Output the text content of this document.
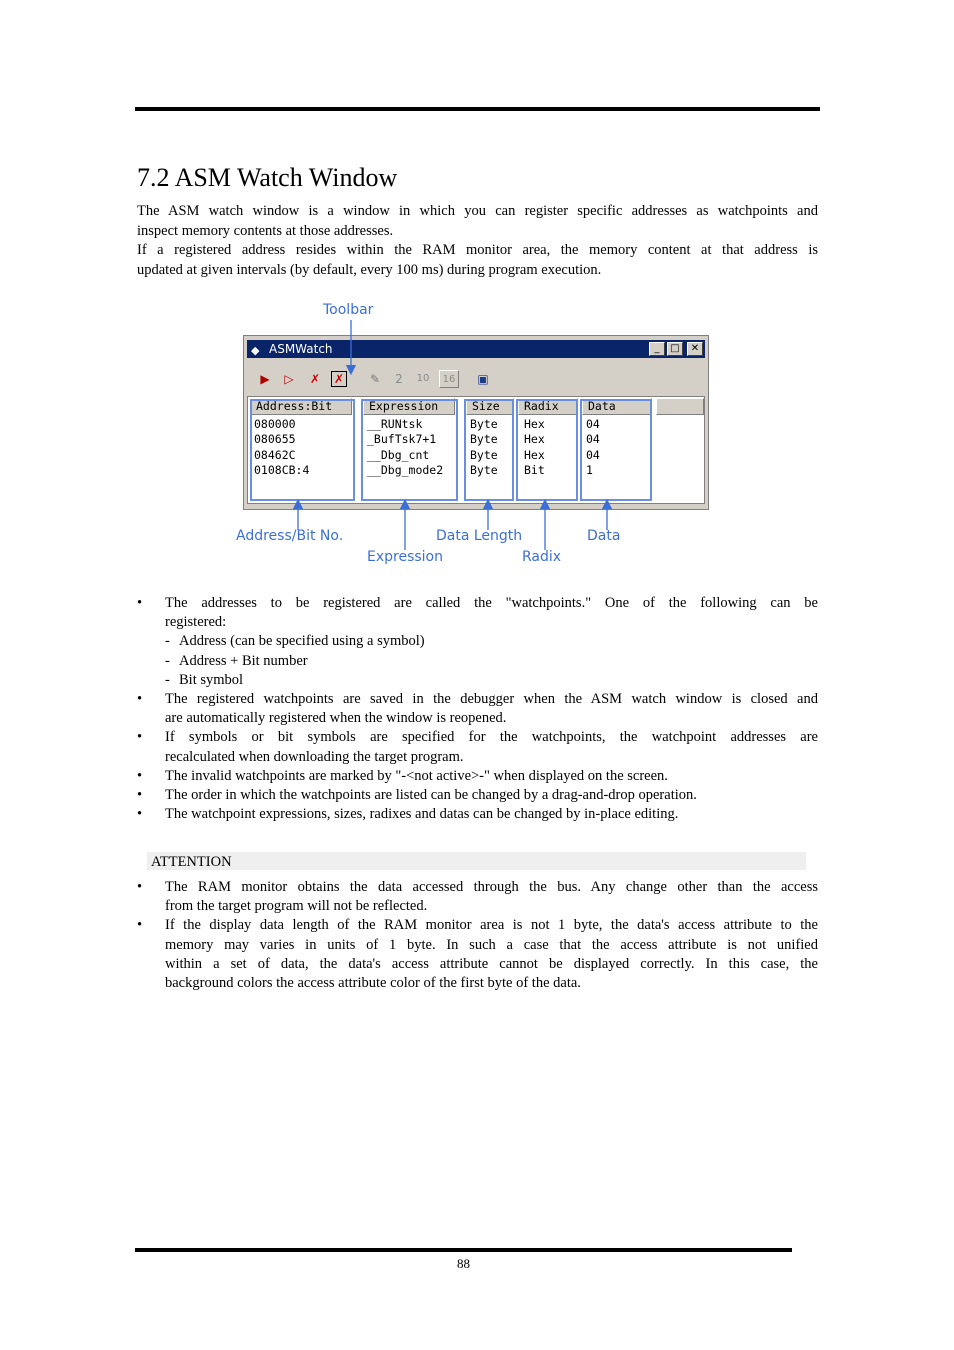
7.2 ASM Watch Window
The ASM watch window is a window in which you can register specific addresses as watchpoints and
inspect memory contents at those addresses.
If a registered address resides within the RAM monitor area, the memory content at that address is
updated at given intervals (by default, every 100 ms) during program execution.
Toolbar
◆ ASMWatch	_	□	✕
▶	▷	✗	✗	✎	2	10	16	▣
Address:Bit	Expression	Size	Radix	Data
080000	__RUNtsk	Byte Hex	04
080655	_BufTsk7+1	Byte Hex	04
08462C	__Dbg_cnt	Byte Hex	04
0108CB:4	__Dbg_mode2 Byte Bit	1
Address/Bit No.
Expression
Data Length
Radix
Data
• The addresses to be registered are called the "watchpoints." One of the following can be
registered:
- Address (can be specified using a symbol)
- Address + Bit number
- Bit symbol
• The registered watchpoints are saved in the debugger when the ASM watch window is closed and
are automatically registered when the window is reopened.
• If symbols or bit symbols are specified for the watchpoints, the watchpoint addresses are
recalculated when downloading the target program.
• The invalid watchpoints are marked by "-<not active>-" when displayed on the screen.
• The order in which the watchpoints are listed can be changed by a drag-and-drop operation.
• The watchpoint expressions, sizes, radixes and datas can be changed by in-place editing.
ATTENTION
• The RAM monitor obtains the data accessed through the bus. Any change other than the access
from the target program will not be reflected.
• If the display data length of the RAM monitor area is not 1 byte, the data's access attribute to the
memory may varies in units of 1 byte. In such a case that the access attribute is not unified
within a set of data, the data's access attribute cannot be displayed correctly. In this case, the
background colors the access attribute color of the first byte of the data.
88
